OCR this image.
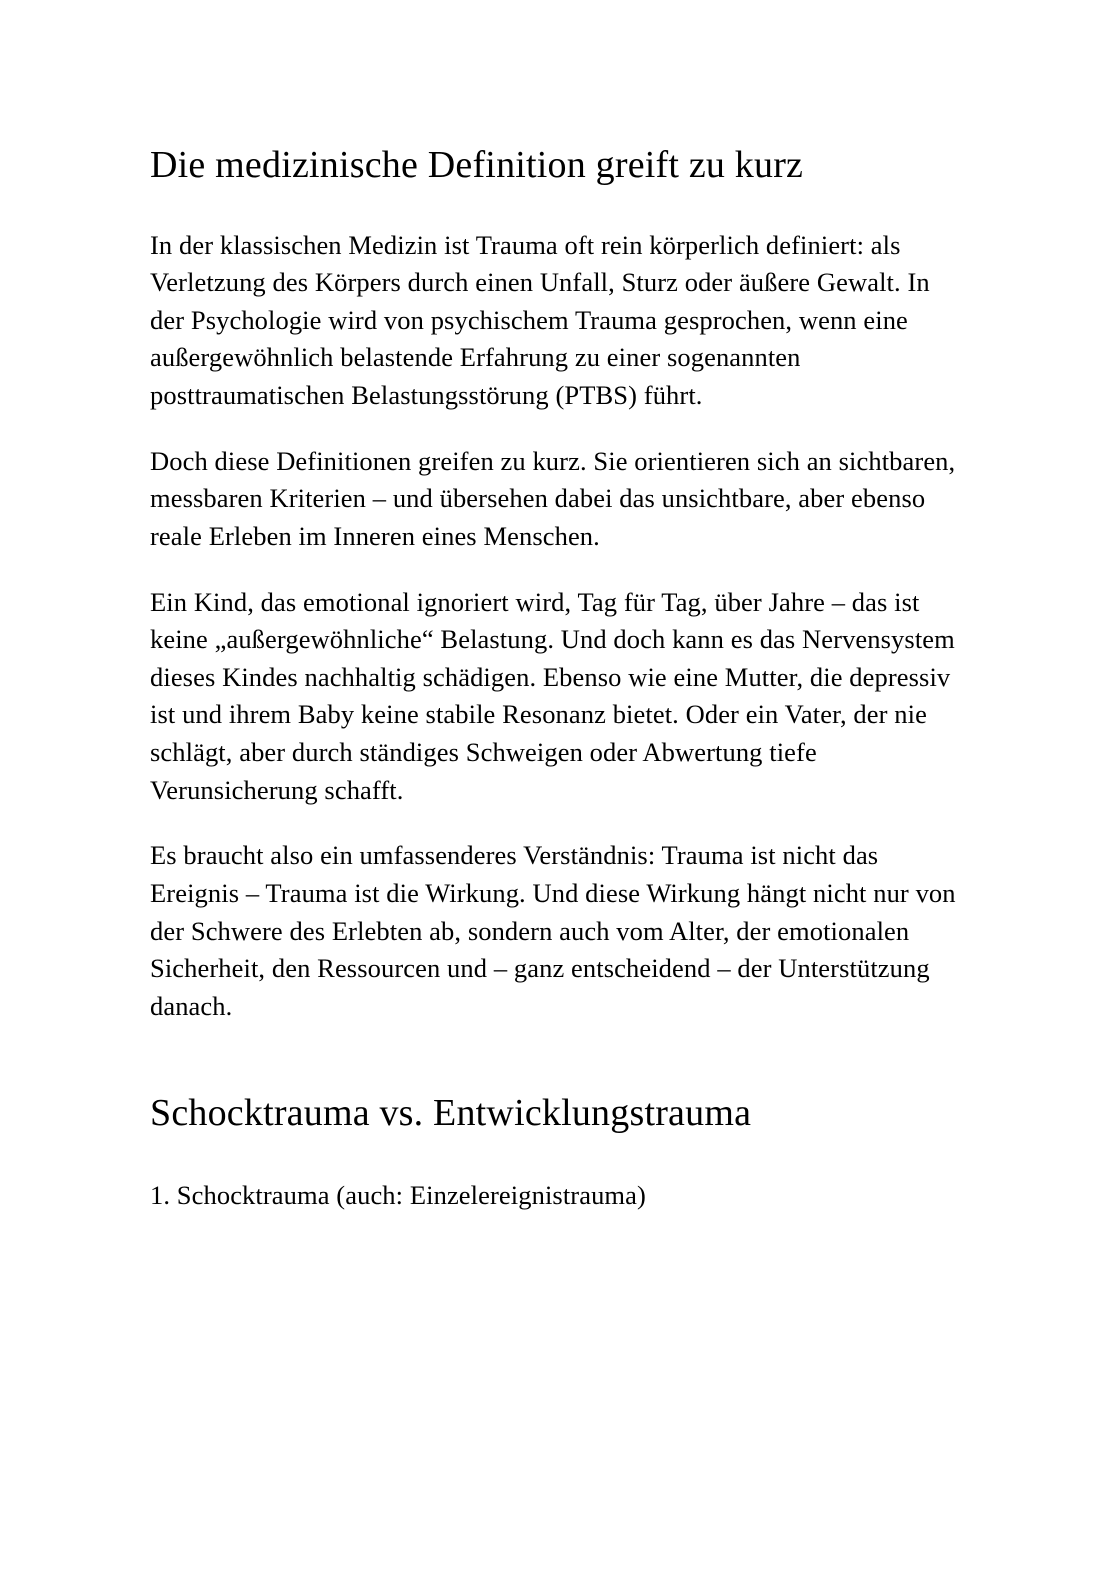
Die medizinische Definition greift zu kurz

In der klassischen Medizin ist Trauma oft rein körperlich definiert: als Verletzung des Körpers durch einen Unfall, Sturz oder äußere Gewalt. In der Psychologie wird von psychischem Trauma gesprochen, wenn eine außergewöhnlich belastende Erfahrung zu einer sogenannten posttraumatischen Belastungsstörung (PTBS) führt.

Doch diese Definitionen greifen zu kurz. Sie orientieren sich an sichtbaren, messbaren Kriterien – und übersehen dabei das unsichtbare, aber ebenso reale Erleben im Inneren eines Menschen.

Ein Kind, das emotional ignoriert wird, Tag für Tag, über Jahre – das ist keine „außergewöhnliche“ Belastung. Und doch kann es das Nervensystem dieses Kindes nachhaltig schädigen. Ebenso wie eine Mutter, die depressiv ist und ihrem Baby keine stabile Resonanz bietet. Oder ein Vater, der nie schlägt, aber durch ständiges Schweigen oder Abwertung tiefe Verunsicherung schafft.

Es braucht also ein umfassenderes Verständnis: Trauma ist nicht das Ereignis – Trauma ist die Wirkung. Und diese Wirkung hängt nicht nur von der Schwere des Erlebten ab, sondern auch vom Alter, der emotionalen Sicherheit, den Ressourcen und – ganz entscheidend – der Unterstützung danach.

Schocktrauma vs. Entwicklungstrauma

1. Schocktrauma (auch: Einzelereignistrauma)
